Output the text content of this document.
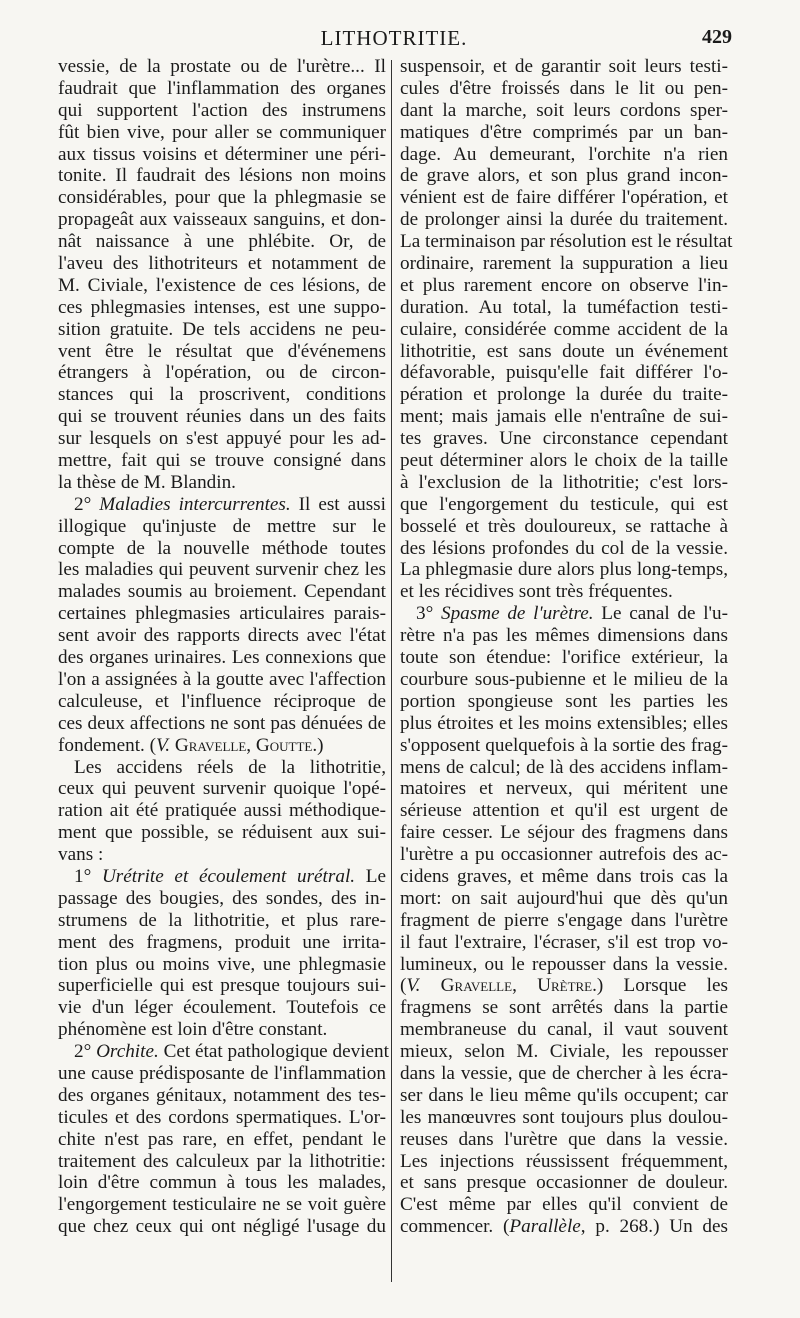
LITHOTRITIE.	429
vessie, de la prostate ou de l'urètre... Il
faudrait que l'inflammation des organes
qui supportent l'action des instrumens
fût bien vive, pour aller se communiquer
aux tissus voisins et déterminer une péri-
tonite. Il faudrait des lésions non moins
considérables, pour que la phlegmasie se
propageât aux vaisseaux sanguins, et don-
nât naissance à une phlébite. Or, de
l'aveu des lithotriteurs et notamment de
M. Civiale, l'existence de ces lésions, de
ces phlegmasies intenses, est une suppo-
sition gratuite. De tels accidens ne peu-
vent être le résultat que d'événemens
étrangers à l'opération, ou de circon-
stances qui la proscrivent, conditions
qui se trouvent réunies dans un des faits
sur lesquels on s'est appuyé pour les ad-
mettre, fait qui se trouve consigné dans
la thèse de M. Blandin.
2° Maladies intercurrentes. Il est aussi
illogique qu'injuste de mettre sur le
compte de la nouvelle méthode toutes
les maladies qui peuvent survenir chez les
malades soumis au broiement. Cependant
certaines phlegmasies articulaires parais-
sent avoir des rapports directs avec l'état
des organes urinaires. Les connexions que
l'on a assignées à la goutte avec l'affection
calculeuse, et l'influence réciproque de
ces deux affections ne sont pas dénuées de
fondement. (V. Gravelle, Goutte.)
Les accidens réels de la lithotritie,
ceux qui peuvent survenir quoique l'opé-
ration ait été pratiquée aussi méthodique-
ment que possible, se réduisent aux sui-
vans :
1° Urétrite et écoulement urétral. Le
passage des bougies, des sondes, des in-
strumens de la lithotritie, et plus rare-
ment des fragmens, produit une irrita-
tion plus ou moins vive, une phlegmasie
superficielle qui est presque toujours sui-
vie d'un léger écoulement. Toutefois ce
phénomène est loin d'être constant.
2° Orchite. Cet état pathologique devient
une cause prédisposante de l'inflammation
des organes génitaux, notamment des tes-
ticules et des cordons spermatiques. L'or-
chite n'est pas rare, en effet, pendant le
traitement des calculeux par la lithotritie:
loin d'être commun à tous les malades,
l'engorgement testiculaire ne se voit guère
que chez ceux qui ont négligé l'usage du
suspensoir, et de garantir soit leurs testi-
cules d'être froissés dans le lit ou pen-
dant la marche, soit leurs cordons sper-
matiques d'être comprimés par un ban-
dage. Au demeurant, l'orchite n'a rien
de grave alors, et son plus grand incon-
vénient est de faire différer l'opération, et
de prolonger ainsi la durée du traitement.
La terminaison par résolution est le résultat
ordinaire, rarement la suppuration a lieu
et plus rarement encore on observe l'in-
duration. Au total, la tuméfaction testi-
culaire, considérée comme accident de la
lithotritie, est sans doute un événement
défavorable, puisqu'elle fait différer l'o-
pération et prolonge la durée du traite-
ment; mais jamais elle n'entraîne de sui-
tes graves. Une circonstance cependant
peut déterminer alors le choix de la taille
à l'exclusion de la lithotritie; c'est lors-
que l'engorgement du testicule, qui est
bosselé et très douloureux, se rattache à
des lésions profondes du col de la vessie.
La phlegmasie dure alors plus long-temps,
et les récidives sont très fréquentes.
3° Spasme de l'urètre. Le canal de l'u-
rètre n'a pas les mêmes dimensions dans
toute son étendue: l'orifice extérieur, la
courbure sous-pubienne et le milieu de la
portion spongieuse sont les parties les
plus étroites et les moins extensibles; elles
s'opposent quelquefois à la sortie des frag-
mens de calcul; de là des accidens inflam-
matoires et nerveux, qui méritent une
sérieuse attention et qu'il est urgent de
faire cesser. Le séjour des fragmens dans
l'urètre a pu occasionner autrefois des ac-
cidens graves, et même dans trois cas la
mort: on sait aujourd'hui que dès qu'un
fragment de pierre s'engage dans l'urètre
il faut l'extraire, l'écraser, s'il est trop vo-
lumineux, ou le repousser dans la vessie.
(V. Gravelle, Urètre.) Lorsque les
fragmens se sont arrêtés dans la partie
membraneuse du canal, il vaut souvent
mieux, selon M. Civiale, les repousser
dans la vessie, que de chercher à les écra-
ser dans le lieu même qu'ils occupent; car
les manœuvres sont toujours plus doulou-
reuses dans l'urètre que dans la vessie.
Les injections réussissent fréquemment,
et sans presque occasionner de douleur.
C'est même par elles qu'il convient de
commencer. (Parallèle, p. 268.) Un des
